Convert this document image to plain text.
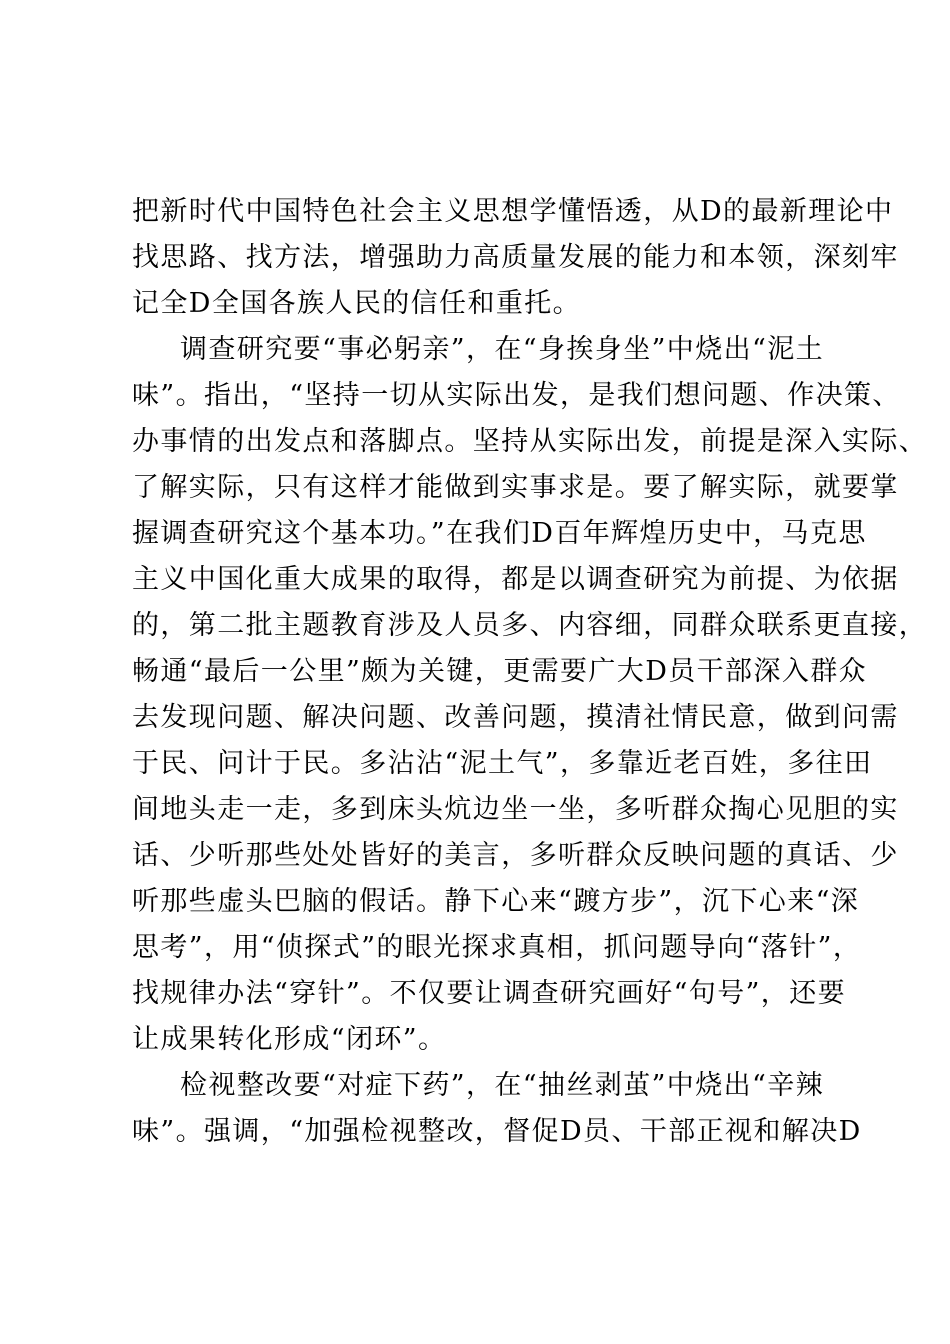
把新时代中国特色社会主义思想学懂悟透，从D的最新理论中
找思路、找方法，增强助力高质量发展的能力和本领，深刻牢
记全D全国各族人民的信任和重托。
调查研究要“事必躬亲”，在“身挨身坐”中烧出“泥土
味”。指出，“坚持一切从实际出发，是我们想问题、作决策、
办事情的出发点和落脚点。坚持从实际出发，前提是深入实际、
了解实际，只有这样才能做到实事求是。要了解实际，就要掌
握调查研究这个基本功。”在我们D百年辉煌历史中，马克思
主义中国化重大成果的取得，都是以调查研究为前提、为依据
的，第二批主题教育涉及人员多、内容细，同群众联系更直接，
畅通“最后一公里”颇为关键，更需要广大D员干部深入群众
去发现问题、解决问题、改善问题，摸清社情民意，做到问需
于民、问计于民。多沾沾“泥土气”，多靠近老百姓，多往田
间地头走一走，多到床头炕边坐一坐，多听群众掏心见胆的实
话、少听那些处处皆好的美言，多听群众反映问题的真话、少
听那些虚头巴脑的假话。静下心来“踱方步”，沉下心来“深
思考”，用“侦探式”的眼光探求真相，抓问题导向“落针”，
找规律办法“穿针”。不仅要让调查研究画好“句号”，还要
让成果转化形成“闭环”。
检视整改要“对症下药”，在“抽丝剥茧”中烧出“辛辣
味”。强调，“加强检视整改，督促D员、干部正视和解决D
